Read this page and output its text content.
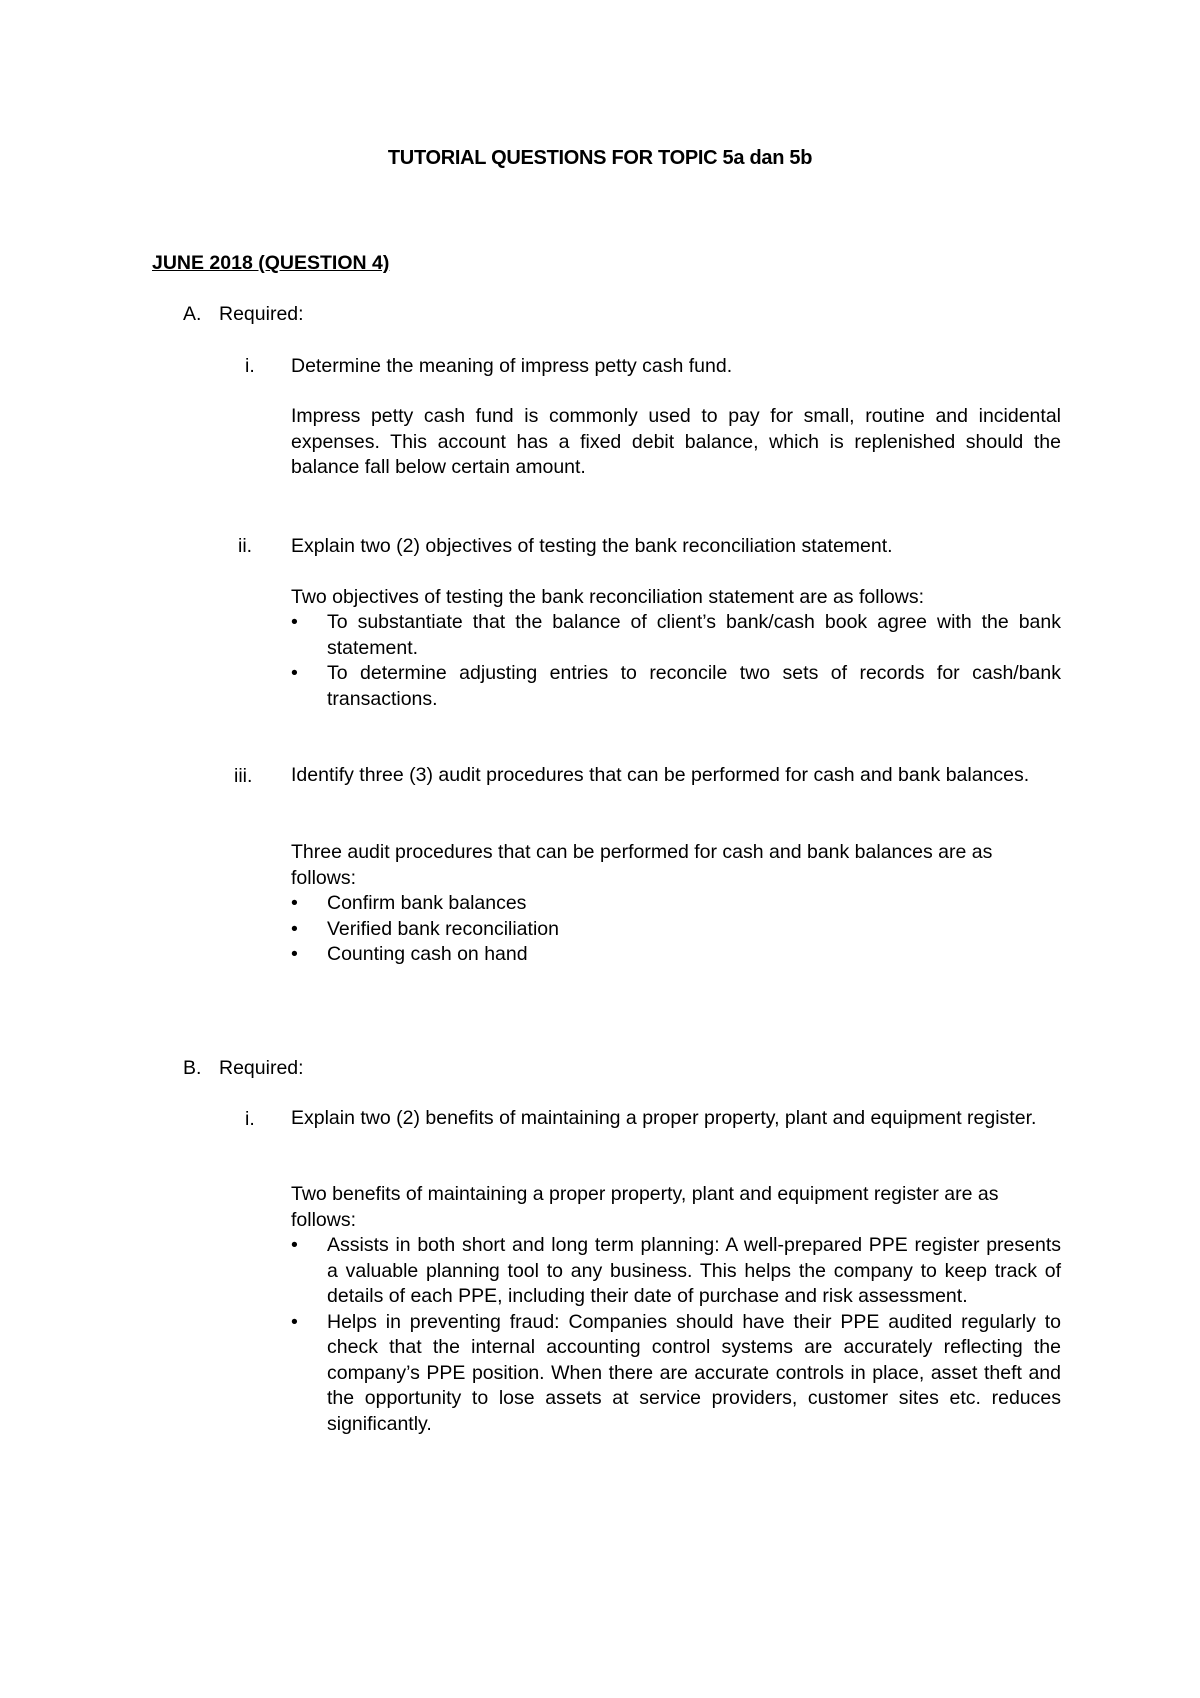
TUTORIAL QUESTIONS FOR TOPIC 5a dan 5b
JUNE 2018 (QUESTION 4)
A. Required:
i. Determine the meaning of impress petty cash fund.
Impress petty cash fund is commonly used to pay for small, routine and incidental expenses. This account has a fixed debit balance, which is replenished should the balance fall below certain amount.
ii. Explain two (2) objectives of testing the bank reconciliation statement.
Two objectives of testing the bank reconciliation statement are as follows:
• To substantiate that the balance of client’s bank/cash book agree with the bank statement.
• To determine adjusting entries to reconcile two sets of records for cash/bank transactions.
iii. Identify three (3) audit procedures that can be performed for cash and bank balances.
Three audit procedures that can be performed for cash and bank balances are as follows:
• Confirm bank balances
• Verified bank reconciliation
• Counting cash on hand
B. Required:
i. Explain two (2) benefits of maintaining a proper property, plant and equipment register.
Two benefits of maintaining a proper property, plant and equipment register are as follows:
• Assists in both short and long term planning: A well-prepared PPE register presents a valuable planning tool to any business. This helps the company to keep track of details of each PPE, including their date of purchase and risk assessment.
• Helps in preventing fraud: Companies should have their PPE audited regularly to check that the internal accounting control systems are accurately reflecting the company’s PPE position. When there are accurate controls in place, asset theft and the opportunity to lose assets at service providers, customer sites etc. reduces significantly.
